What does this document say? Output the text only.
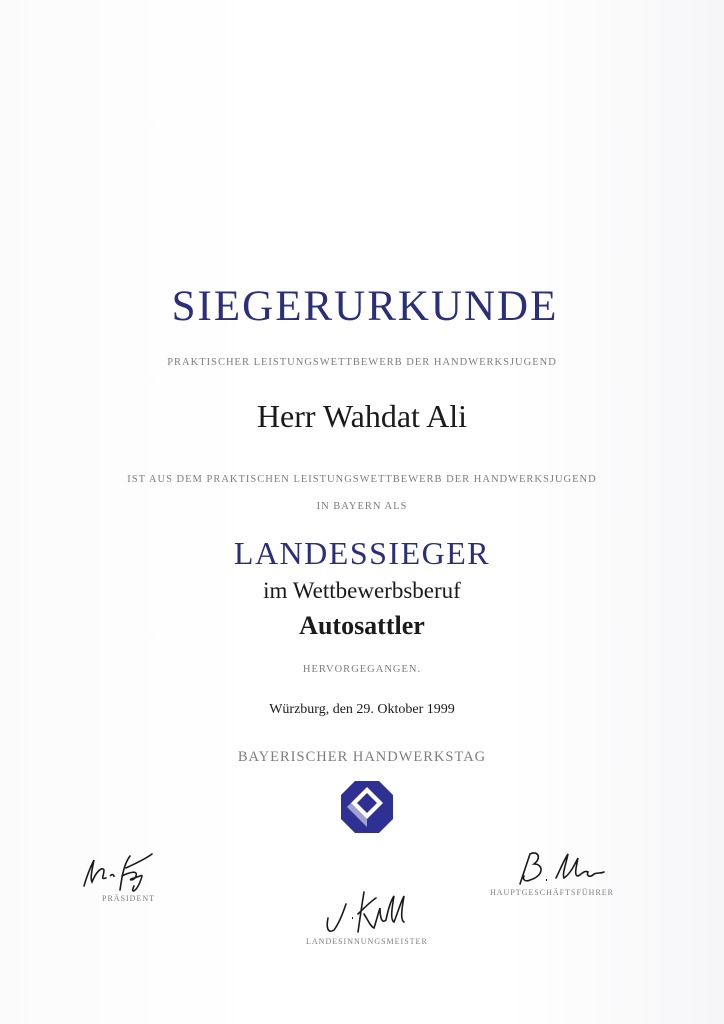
SIEGERURKUNDE
PRAKTISCHER LEISTUNGSWETTBEWERB DER HANDWERKSJUGEND
Herr Wahdat Ali
IST AUS DEM PRAKTISCHEN LEISTUNGSWETTBEWERB DER HANDWERKSJUGEND
IN BAYERN ALS
LANDESSIEGER
im Wettbewerbsberuf
Autosattler
HERVORGEGANGEN.
Würzburg, den 29. Oktober 1999
BAYERISCHER HANDWERKSTAG
PRÄSIDENT
HAUPTGESCHÄFTSFÜHRER
LANDESINNUNGSMEISTER
